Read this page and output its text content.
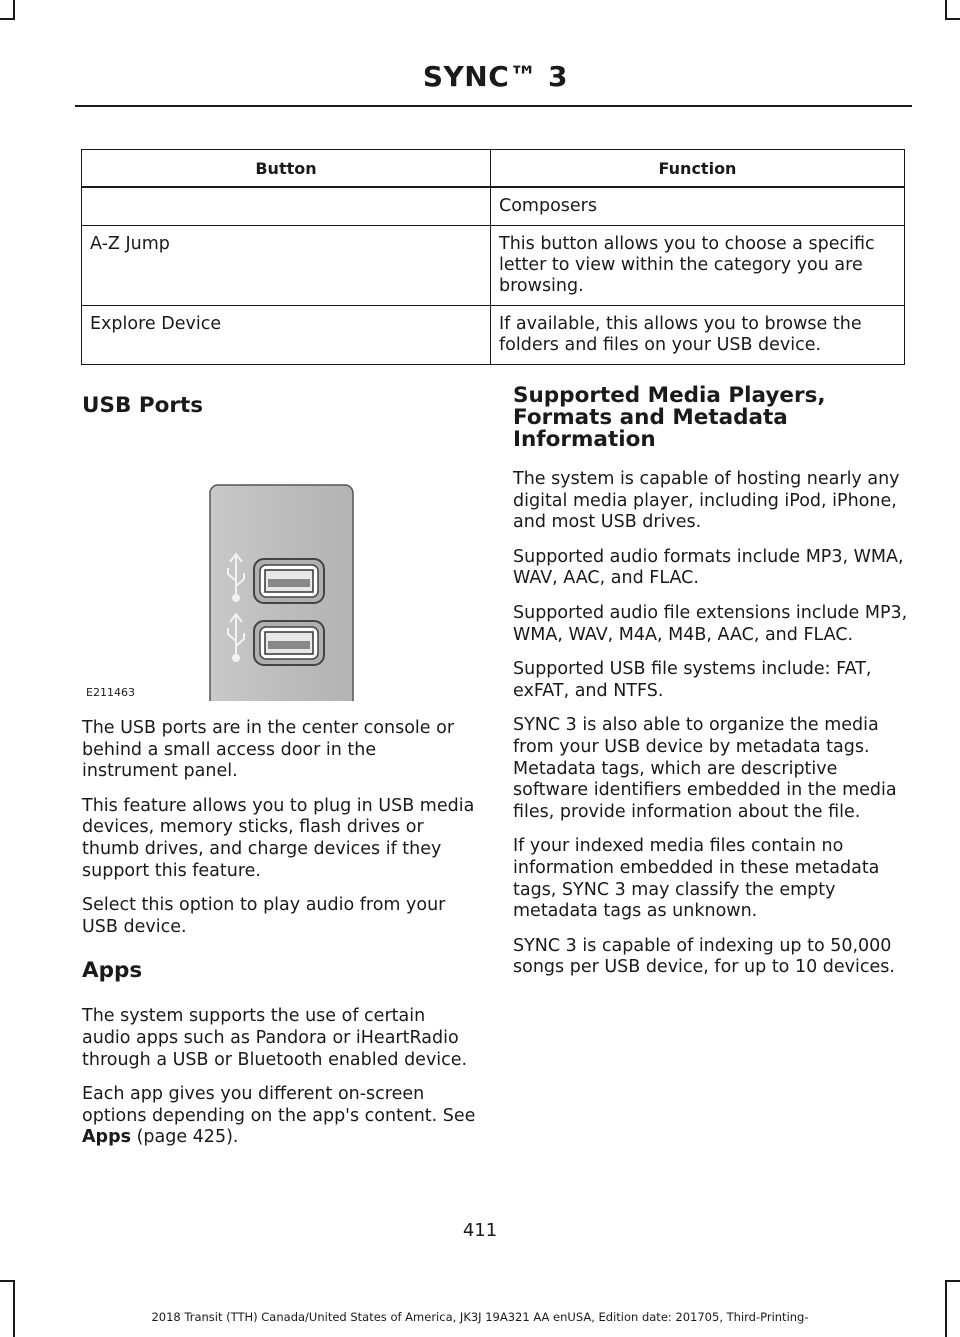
SYNC™ 3
Button	Function
	Composers
A-Z Jump	This button allows you to choose a specific letter to view within the category you are browsing.
Explore Device	If available, this allows you to browse the folders and files on your USB device.
USB Ports
E211463

The USB ports are in the center console or behind a small access door in the instrument panel.

This feature allows you to plug in USB media devices, memory sticks, flash drives or thumb drives, and charge devices if they support this feature.

Select this option to play audio from your USB device.

Apps

The system supports the use of certain audio apps such as Pandora or iHeartRadio through a USB or Bluetooth enabled device.

Each app gives you different on-screen options depending on the app's content. See Apps (page 425).

Supported Media Players, Formats and Metadata Information

The system is capable of hosting nearly any digital media player, including iPod, iPhone, and most USB drives.

Supported audio formats include MP3, WMA, WAV, AAC, and FLAC.

Supported audio file extensions include MP3, WMA, WAV, M4A, M4B, AAC, and FLAC.

Supported USB file systems include: FAT, exFAT, and NTFS.

SYNC 3 is also able to organize the media from your USB device by metadata tags. Metadata tags, which are descriptive software identifiers embedded in the media files, provide information about the file.

If your indexed media files contain no information embedded in these metadata tags, SYNC 3 may classify the empty metadata tags as unknown.

SYNC 3 is capable of indexing up to 50,000 songs per USB device, for up to 10 devices.

411
2018 Transit (TTH) Canada/United States of America, JK3J 19A321 AA enUSA, Edition date: 201705, Third-Printing-
